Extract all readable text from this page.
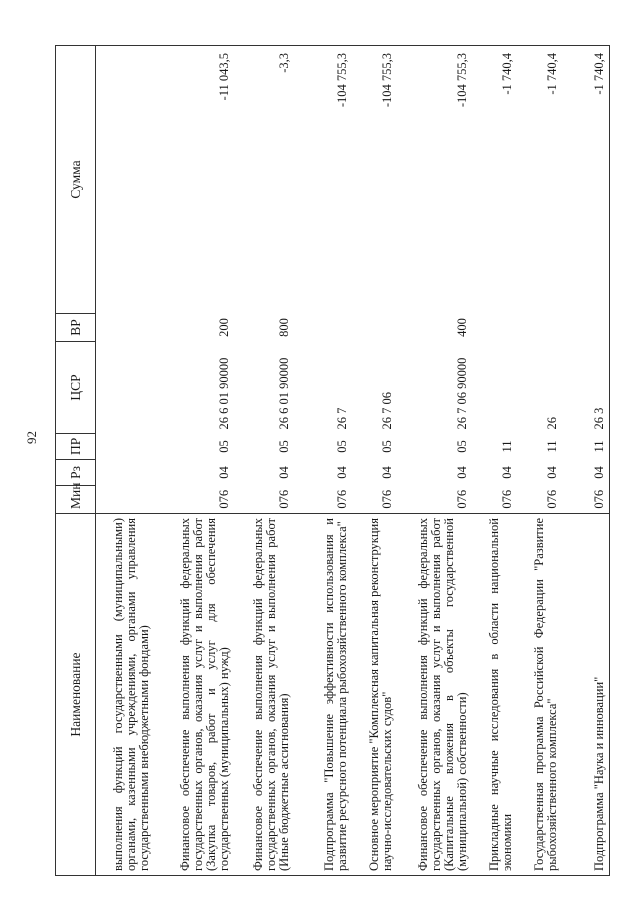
92
Наименование	Мин	Рз	ПР	ЦСР	ВР	Сумма
выполнения функций государственными (муниципальными) органами, казенными учреждениями, органами управления государственными внебюджетными фондами)						
Финансовое обеспечение выполнения функций федеральных государственных органов, оказания услуг и выполнения работ (Закупка товаров, работ и услуг для обеспечения государственных (муниципальных) нужд)	076	04	05	26 6 01 90000	200	-11 043,5
Финансовое обеспечение выполнения функций федеральных государственных органов, оказания услуг и выполнения работ (Иные бюджетные ассигнования)	076	04	05	26 6 01 90000	800	-3,3
Подпрограмма "Повышение эффективности использования и развитие ресурсного потенциала рыбохозяйственного комплекса"	076	04	05	26 7		-104 755,3
Основное мероприятие "Комплексная капитальная реконструкция научно-исследовательских судов"	076	04	05	26 7 06		-104 755,3
Финансовое обеспечение выполнения функций федеральных государственных органов, оказания услуг и выполнения работ (Капитальные вложения в объекты государственной (муниципальной) собственности)	076	04	05	26 7 06 90000	400	-104 755,3
Прикладные научные исследования в области национальной экономики	076	04	11			-1 740,4
Государственная программа Российской Федерации "Развитие рыбохозяйственного комплекса"	076	04	11	26		-1 740,4
Подпрограмма "Наука и инновации"	076	04	11	26 3		-1 740,4
